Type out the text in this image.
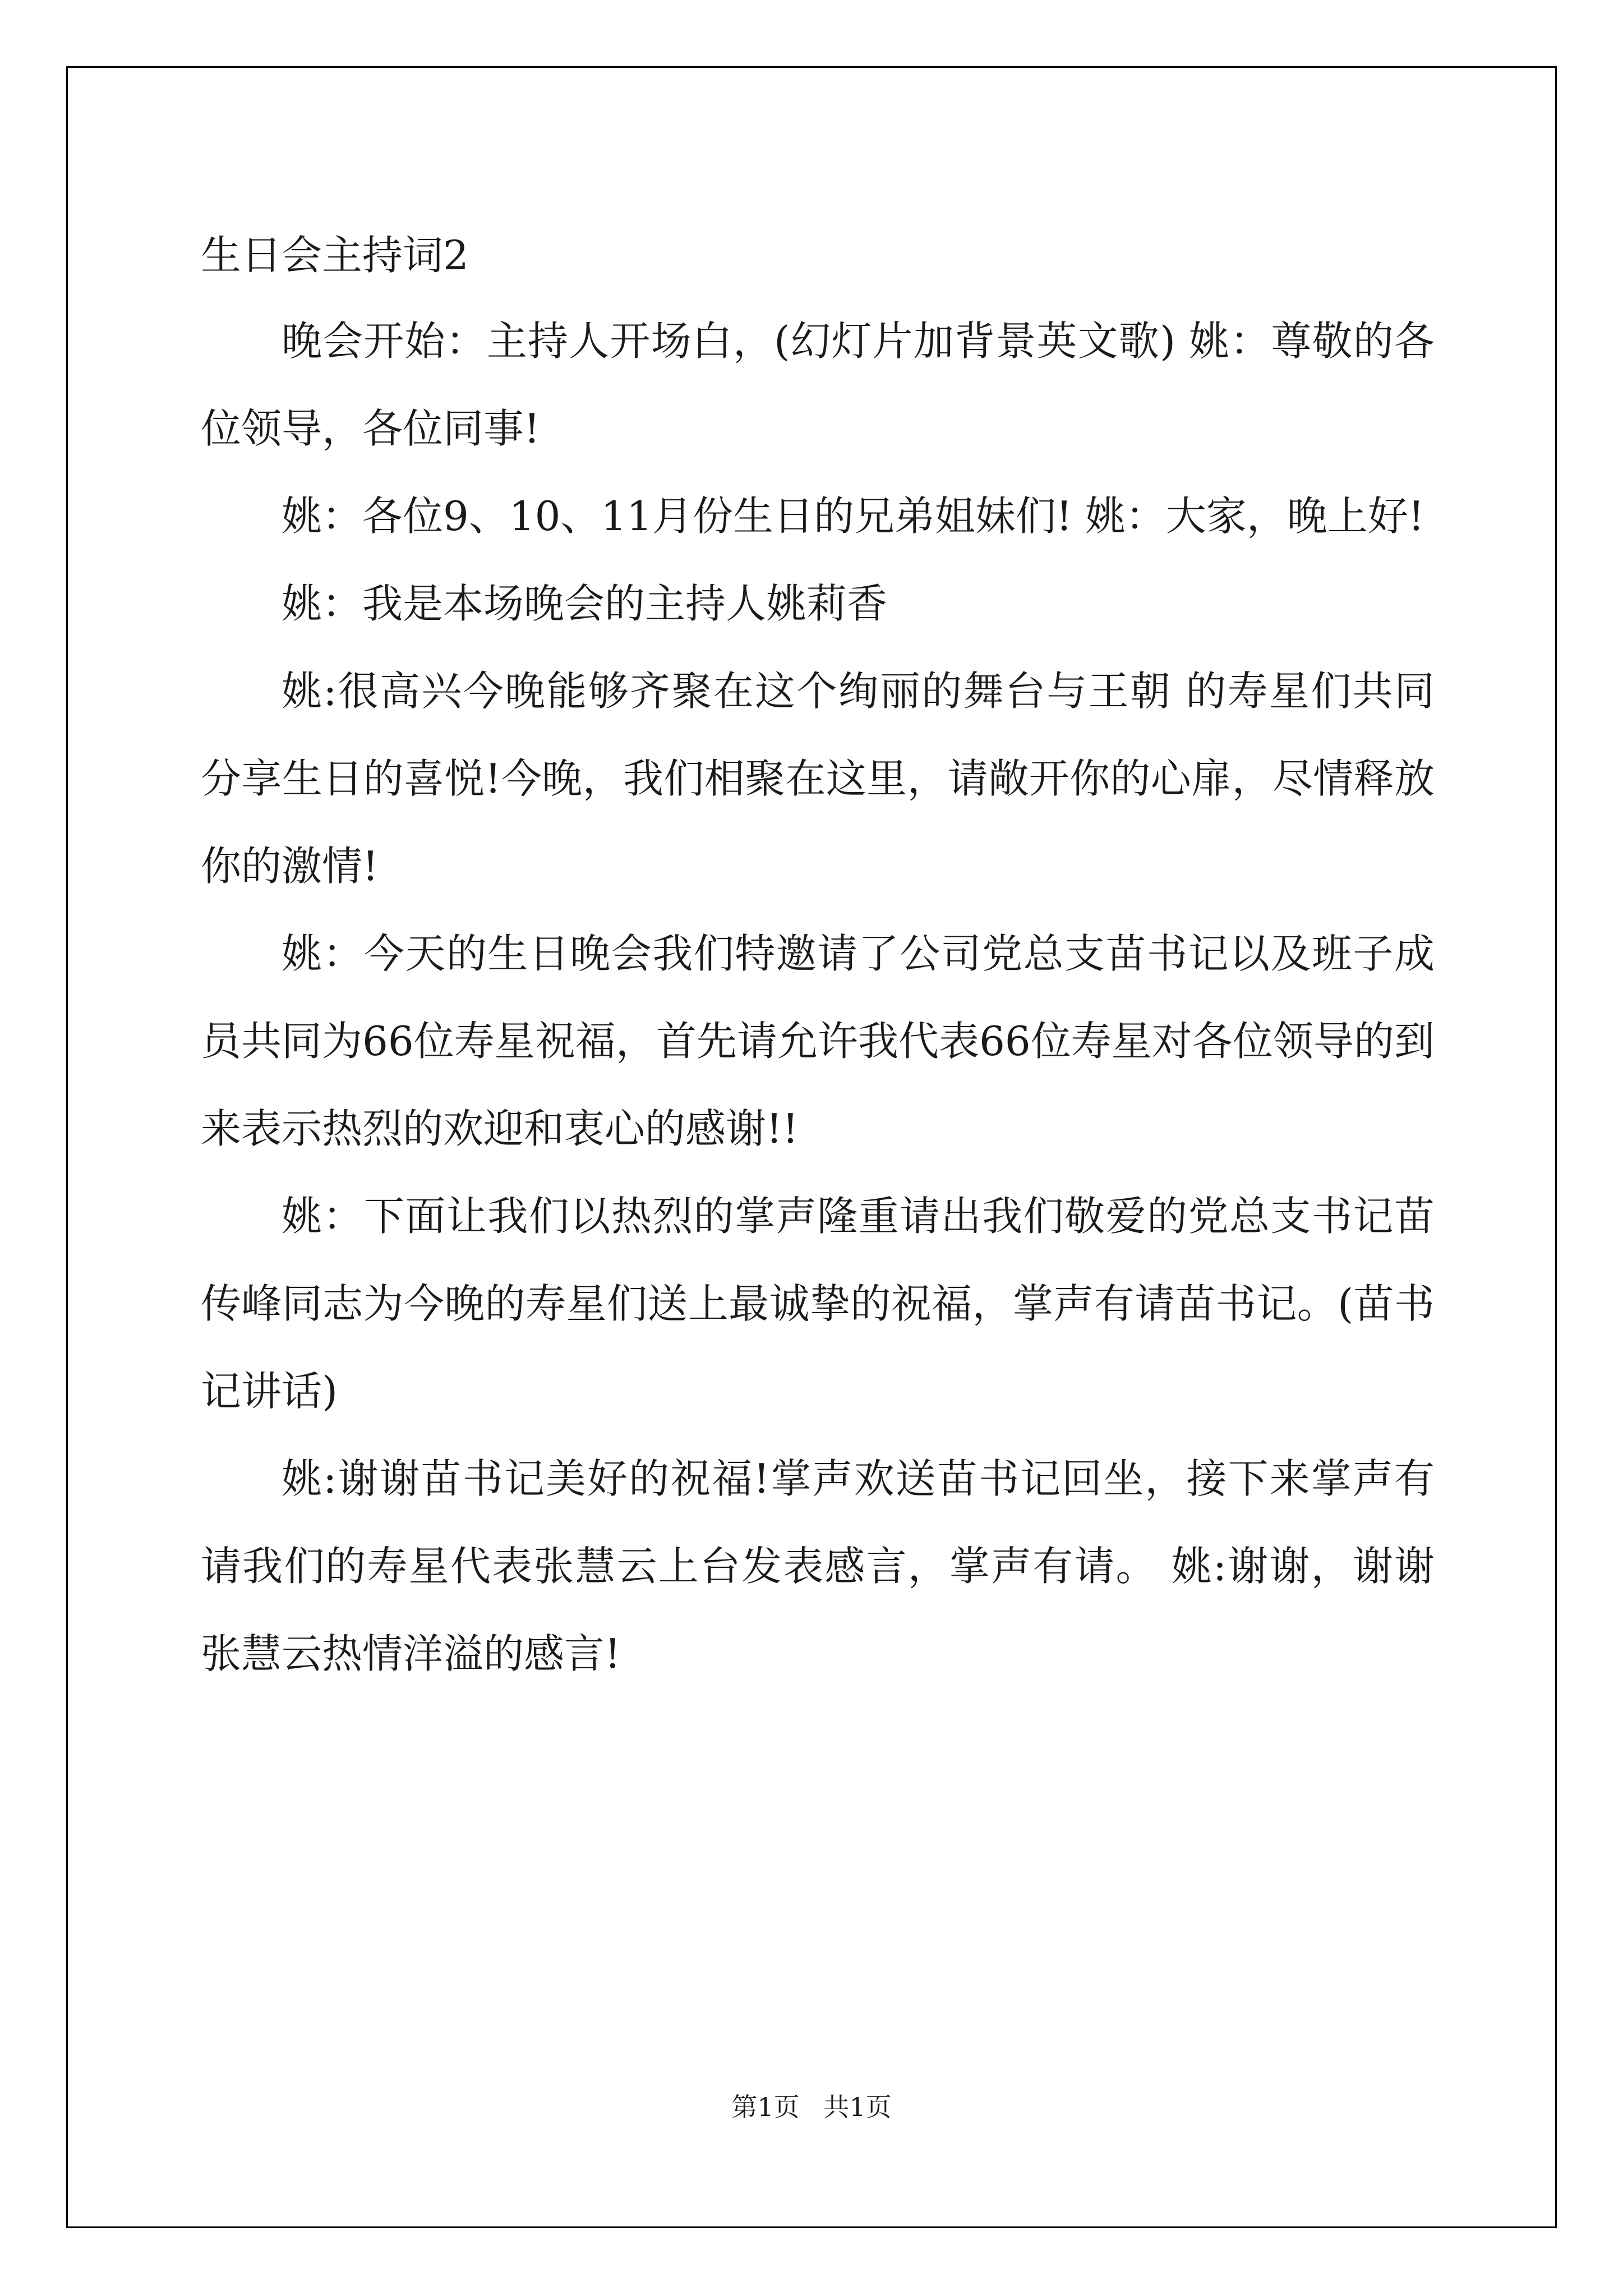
生日会主持词2

晚会开始：主持人开场白，(幻灯片加背景英文歌) 姚：尊敬的各位领导，各位同事!

姚：各位9、10、11月份生日的兄弟姐妹们! 姚：大家，晚上好!

姚：我是本场晚会的主持人姚莉香

姚:很高兴今晚能够齐聚在这个绚丽的舞台与王朝 的寿星们共同分享生日的喜悦!今晚，我们相聚在这里，请敞开你的心扉，尽情释放你的激情!

姚：今天的生日晚会我们特邀请了公司党总支苗书记以及班子成员共同为66位寿星祝福，首先请允许我代表66位寿星对各位领导的到来表示热烈的欢迎和衷心的感谢!!

姚：下面让我们以热烈的掌声隆重请出我们敬爱的党总支书记苗传峰同志为今晚的寿星们送上最诚挚的祝福，掌声有请苗书记。(苗书记讲话)

姚:谢谢苗书记美好的祝福!掌声欢送苗书记回坐，接下来掌声有请我们的寿星代表张慧云上台发表感言，掌声有请。 姚:谢谢，谢谢张慧云热情洋溢的感言!

第1页 共1页
